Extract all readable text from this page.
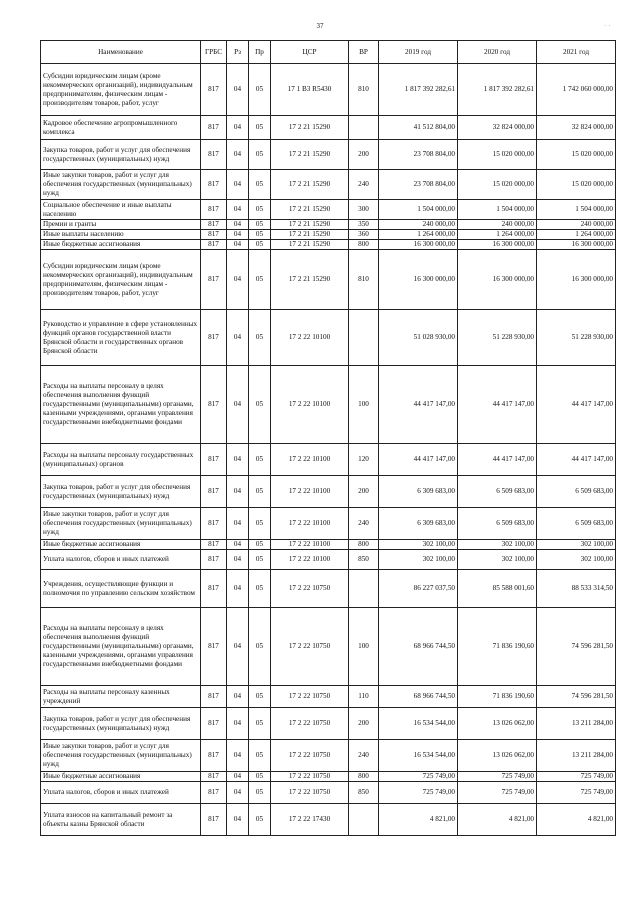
37	· ·
Наименование	ГРБС	Рз	Пр	ЦСР	ВР	2019 год	2020 год	2021 год
Субсидии юридическим лицам (кроме некоммерческих организаций), индивидуальным предпринимателям, физическим лицам - производителям товаров, работ, услуг	817	04	05	17 1 В3 R5430	810	1 817 392 282,61	1 817 392 282,61	1 742 060 000,00
Кадровое обеспечение агропромышленного комплекса	817	04	05	17 2 21 15290		41 512 804,00	32 824 000,00	32 824 000,00
Закупка товаров, работ и услуг для обеспечения государственных (муниципальных) нужд	817	04	05	17 2 21 15290	200	23 708 804,00	15 020 000,00	15 020 000,00
Иные закупки товаров, работ и услуг для обеспечения государственных (муниципальных) нужд	817	04	05	17 2 21 15290	240	23 708 804,00	15 020 000,00	15 020 000,00
Социальное обеспечение и иные выплаты населению	817	04	05	17 2 21 15290	300	1 504 000,00	1 504 000,00	1 504 000,00
Премии и гранты	817	04	05	17 2 21 15290	350	240 000,00	240 000,00	240 000,00
Иные выплаты населению	817	04	05	17 2 21 15290	360	1 264 000,00	1 264 000,00	1 264 000,00
Иные бюджетные ассигнования	817	04	05	17 2 21 15290	800	16 300 000,00	16 300 000,00	16 300 000,00
Субсидии юридическим лицам (кроме некоммерческих организаций), индивидуальным предпринимателям, физическим лицам - производителям товаров, работ, услуг	817	04	05	17 2 21 15290	810	16 300 000,00	16 300 000,00	16 300 000,00
Руководство и управление в сфере установленных функций органов государственной власти Брянской области и государственных органов Брянской области	817	04	05	17 2 22 10100		51 028 930,00	51 228 930,00	51 228 930,00
Расходы на выплаты персоналу в целях обеспечения выполнения функций государственными (муниципальными) органами, казенными учреждениями, органами управления государственными внебюджетными фондами	817	04	05	17 2 22 10100	100	44 417 147,00	44 417 147,00	44 417 147,00
Расходы на выплаты персоналу государственных (муниципальных) органов	817	04	05	17 2 22 10100	120	44 417 147,00	44 417 147,00	44 417 147,00
Закупка товаров, работ и услуг для обеспечения государственных (муниципальных) нужд	817	04	05	17 2 22 10100	200	6 309 683,00	6 509 683,00	6 509 683,00
Иные закупки товаров, работ и услуг для обеспечения государственных (муниципальных) нужд	817	04	05	17 2 22 10100	240	6 309 683,00	6 509 683,00	6 509 683,00
Иные бюджетные ассигнования	817	04	05	17 2 22 10100	800	302 100,00	302 100,00	302 100,00
Уплата налогов, сборов и иных платежей	817	04	05	17 2 22 10100	850	302 100,00	302 100,00	302 100,00
Учреждения, осуществляющие функции и полномочия по управлению сельским хозяйством	817	04	05	17 2 22 10750		86 227 037,50	85 588 001,60	88 533 314,50
Расходы на выплаты персоналу в целях обеспечения выполнения функций государственными (муниципальными) органами, казенными учреждениями, органами управления государственными внебюджетными фондами	817	04	05	17 2 22 10750	100	68 966 744,50	71 836 190,60	74 596 281,50
Расходы на выплаты персоналу казенных учреждений	817	04	05	17 2 22 10750	110	68 966 744,50	71 836 190,60	74 596 281,50
Закупка товаров, работ и услуг для обеспечения государственных (муниципальных) нужд	817	04	05	17 2 22 10750	200	16 534 544,00	13 026 062,00	13 211 284,00
Иные закупки товаров, работ и услуг для обеспечения государственных (муниципальных) нужд	817	04	05	17 2 22 10750	240	16 534 544,00	13 026 062,00	13 211 284,00
Иные бюджетные ассигнования	817	04	05	17 2 22 10750	800	725 749,00	725 749,00	725 749,00
Уплата налогов, сборов и иных платежей	817	04	05	17 2 22 10750	850	725 749,00	725 749,00	725 749,00
Уплата взносов на капитальный ремонт за объекты казны Брянской области	817	04	05	17 2 22 17430		4 821,00	4 821,00	4 821,00
